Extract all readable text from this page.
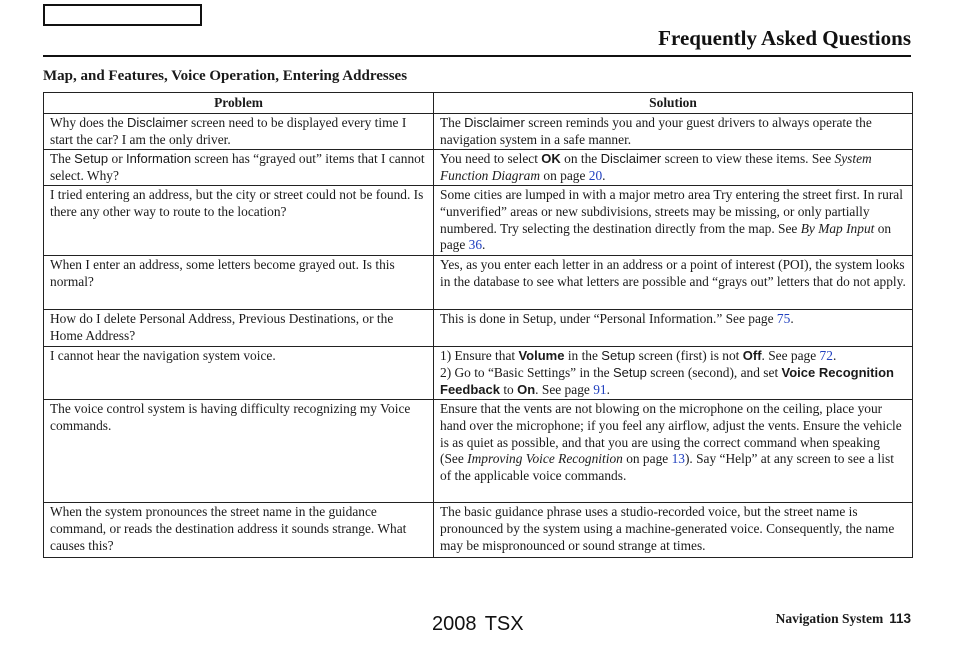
Frequently Asked Questions
Map, and Features, Voice Operation, Entering Addresses
Problem	Solution
Why does the Disclaimer screen need to be displayed every time I start the car? I am the only driver.	The Disclaimer screen reminds you and your guest drivers to always operate the navigation system in a safe manner.
The Setup or Information screen has “grayed out” items that I cannot select. Why?	You need to select OK on the Disclaimer screen to view these items. See System Function Diagram on page 20.
I tried entering an address, but the city or street could not be found. Is there any other way to route to the location?	Some cities are lumped in with a major metro area Try entering the street first. In rural “unverified” areas or new subdivisions, streets may be missing, or only partially numbered. Try selecting the destination directly from the map. See By Map Input on page 36.
When I enter an address, some letters become grayed out. Is this normal?	Yes, as you enter each letter in an address or a point of interest (POI), the system looks in the database to see what letters are possible and “grays out” letters that do not apply.
How do I delete Personal Address, Previous Destinations, or the Home Address?	This is done in Setup, under “Personal Information.” See page 75.
I cannot hear the navigation system voice.	1) Ensure that Volume in the Setup screen (first) is not Off. See page 72.
2) Go to “Basic Settings” in the Setup screen (second), and set Voice Recognition Feedback to On. See page 91.
The voice control system is having difficulty recognizing my Voice commands.	Ensure that the vents are not blowing on the microphone on the ceiling, place your hand over the microphone; if you feel any airflow, adjust the vents. Ensure the vehicle is as quiet as possible, and that you are using the correct command when speaking (See Improving Voice Recognition on page 13). Say “Help” at any screen to see a list of the applicable voice commands.
When the system pronounces the street name in the guidance command, or reads the destination address it sounds strange. What causes this?	The basic guidance phrase uses a studio-recorded voice, but the street name is pronounced by the system using a machine-generated voice. Consequently, the name may be mispronounced or sound strange at times.
2008 TSX	Navigation System 113
